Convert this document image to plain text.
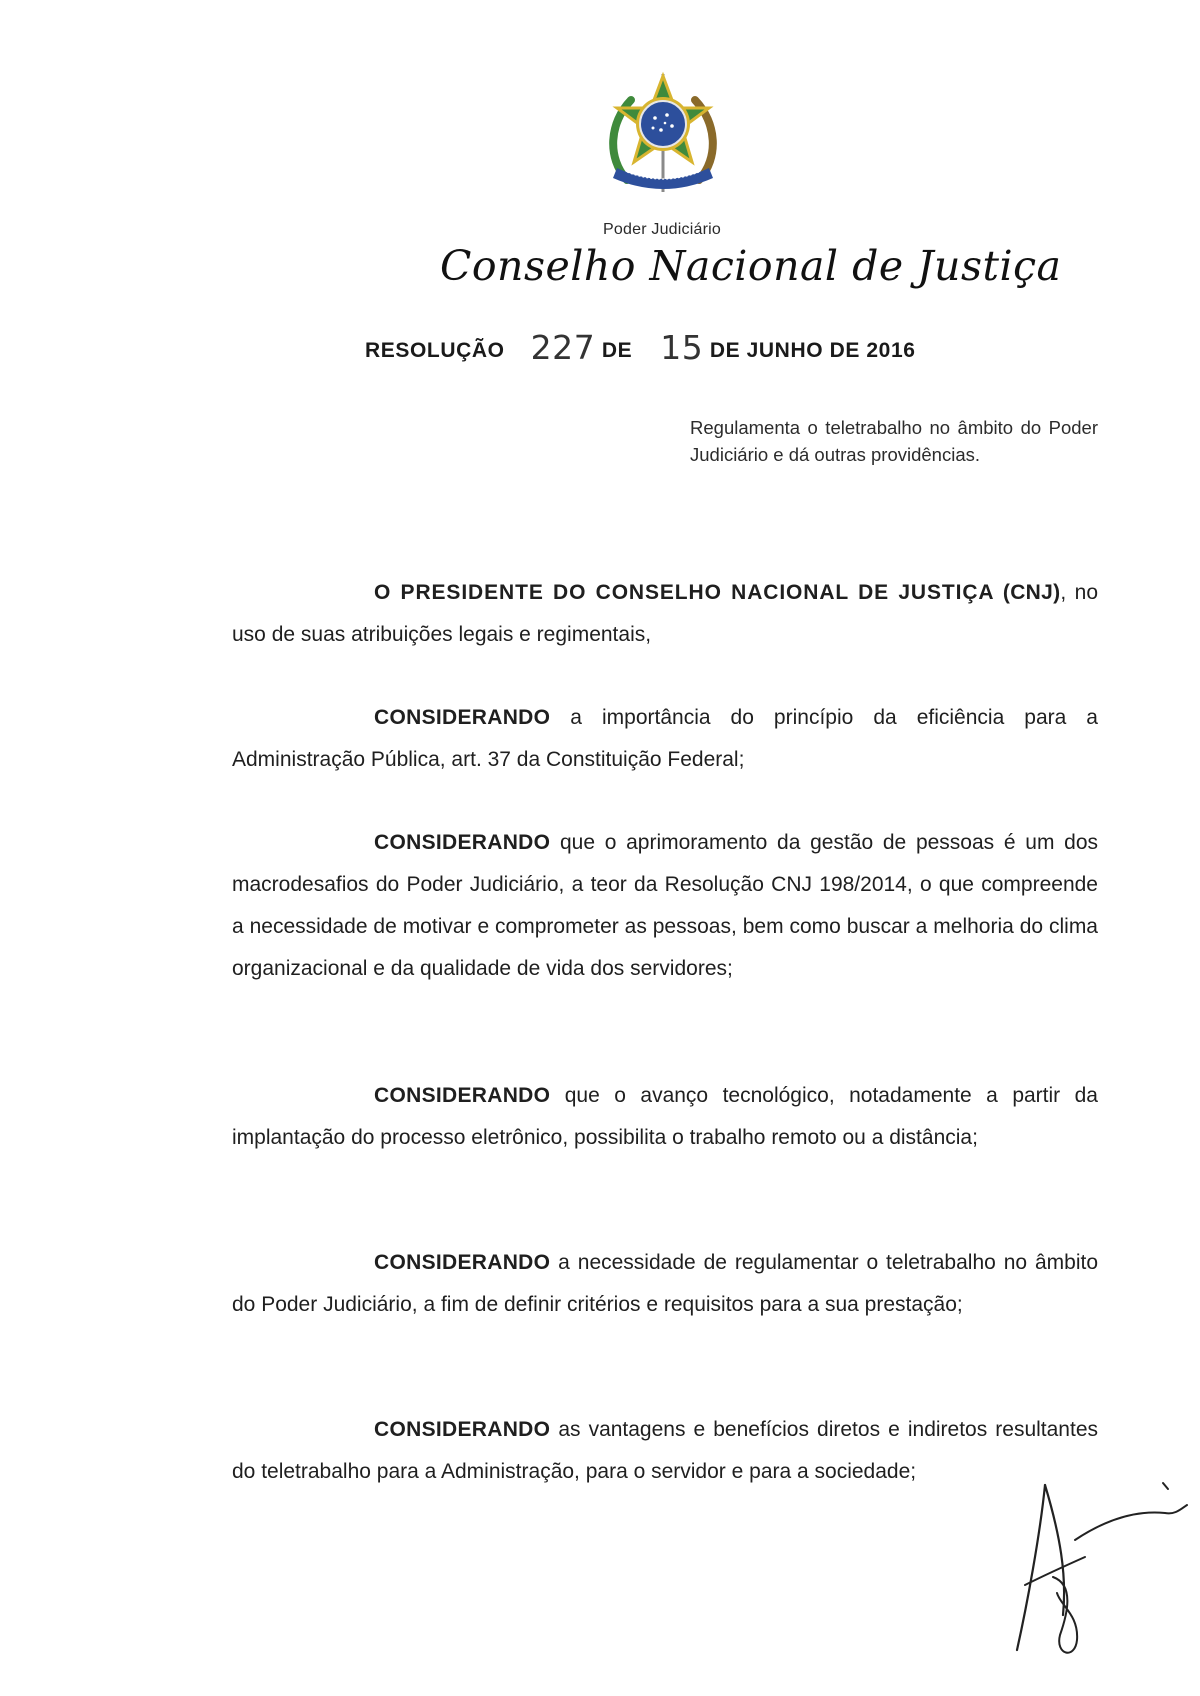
Poder Judiciário
Conselho Nacional de Justiça
RESOLUÇÃO 227 DE 15 DE JUNHO DE 2016

Regulamenta o teletrabalho no âmbito do Poder Judiciário e dá outras providências.

O PRESIDENTE DO CONSELHO NACIONAL DE JUSTIÇA (CNJ), no uso de suas atribuições legais e regimentais,

CONSIDERANDO a importância do princípio da eficiência para a Administração Pública, art. 37 da Constituição Federal;

CONSIDERANDO que o aprimoramento da gestão de pessoas é um dos macrodesafios do Poder Judiciário, a teor da Resolução CNJ 198/2014, o que compreende a necessidade de motivar e comprometer as pessoas, bem como buscar a melhoria do clima organizacional e da qualidade de vida dos servidores;

CONSIDERANDO que o avanço tecnológico, notadamente a partir da implantação do processo eletrônico, possibilita o trabalho remoto ou a distância;

CONSIDERANDO a necessidade de regulamentar o teletrabalho no âmbito do Poder Judiciário, a fim de definir critérios e requisitos para a sua prestação;

CONSIDERANDO as vantagens e benefícios diretos e indiretos resultantes do teletrabalho para a Administração, para o servidor e para a sociedade;
